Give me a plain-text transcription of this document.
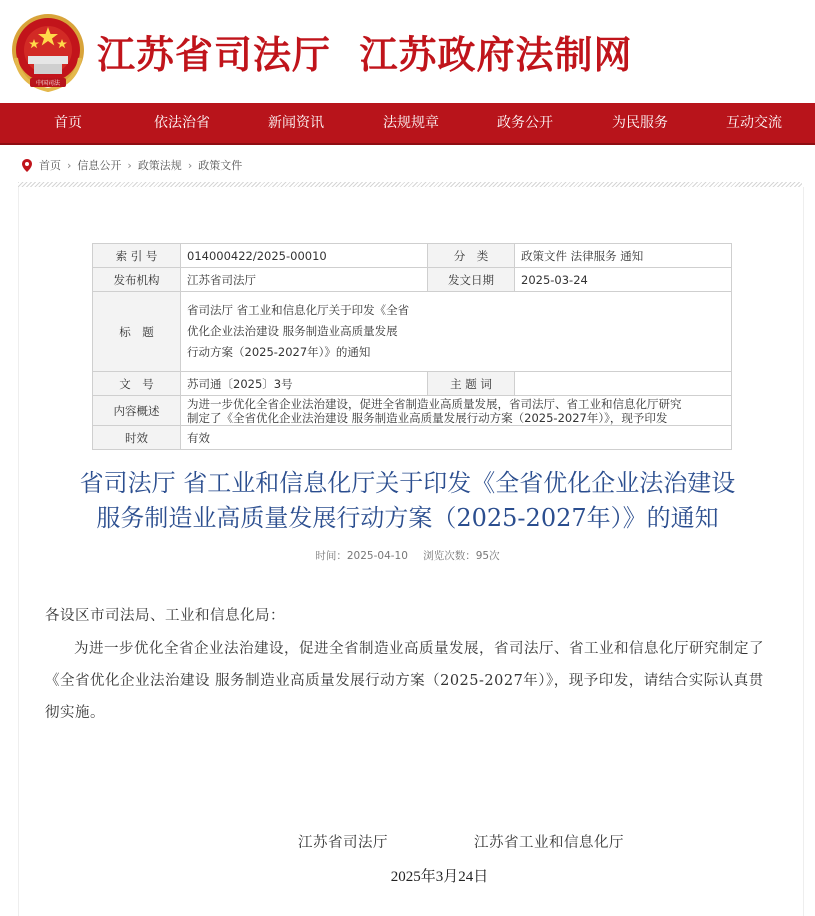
中国司法
江苏省司法厅  江苏政府法制网
首页	依法治省	新闻资讯	法规规章	政务公开	为民服务	互动交流
首页 › 信息公开 › 政策法规 › 政策文件
索 引 号	014000422/2025-00010	分　类	政策文件 法律服务 通知
发布机构	江苏省司法厅	发文日期	2025-03-24
标　题	省司法厅 省工业和信息化厅关于印发《全省
优化企业法治建设 服务制造业高质量发展
行动方案（2025-2027年）》的通知		

文　号	苏司通〔2025〕3号	主 题 词	
内容概述	为进一步优化全省企业法治建设，促进全省制造业高质量发展，省司法厅、省工业和信息化厅研究
制定了《全省优化企业法治建设 服务制造业高质量发展行动方案（2025-2027年）》，现予印发		

时效	有效		
省司法厅 省工业和信息化厅关于印发《全省优化企业法治建设
服务制造业高质量发展行动方案（2025-2027年）》的通知
时间：2025-04-10 浏览次数：95次
各设区市司法局、工业和信息化局：
为进一步优化全省企业法治建设，促进全省制造业高质量发展，省司法厅、省工业和信息化厅研究制定了《全省优化企业法治建设 服务制造业高质量发展行动方案（2025-2027年）》，现予印发，请结合实际认真贯彻实施。
江苏省司法厅	江苏省工业和信息化厅
2025年3月24日
